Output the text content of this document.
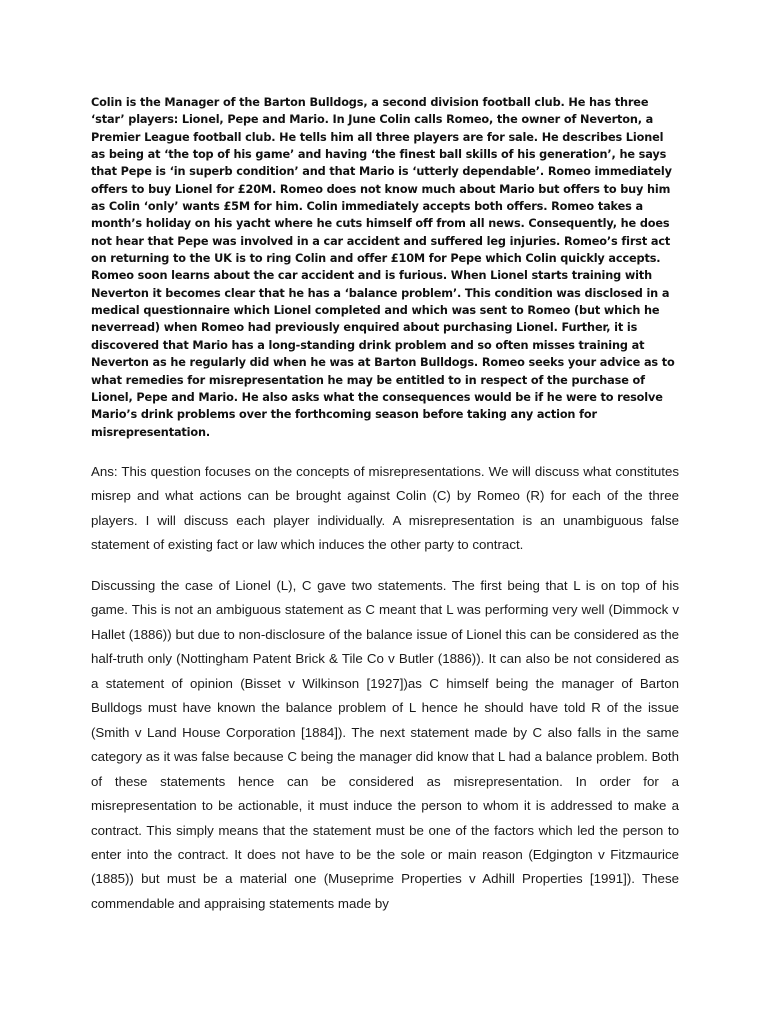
Colin is the Manager of the Barton Bulldogs, a second division football club. He has three ‘star’ players: Lionel, Pepe and Mario. In June Colin calls Romeo, the owner of Neverton, a Premier League football club. He tells him all three players are for sale. He describes Lionel as being at ‘the top of his game’ and having ‘the finest ball skills of his generation’, he says that Pepe is ‘in superb condition’ and that Mario is ‘utterly dependable’. Romeo immediately offers to buy Lionel for £20M. Romeo does not know much about Mario but offers to buy him as Colin ‘only’ wants £5M for him. Colin immediately accepts both offers. Romeo takes a month’s holiday on his yacht where he cuts himself off from all news. Consequently, he does not hear that Pepe was involved in a car accident and suffered leg injuries. Romeo’s first act on returning to the UK is to ring Colin and offer £10M for Pepe which Colin quickly accepts. Romeo soon learns about the car accident and is furious. When Lionel starts training with Neverton it becomes clear that he has a ‘balance problem’. This condition was disclosed in a medical questionnaire which Lionel completed and which was sent to Romeo (but which he neverread) when Romeo had previously enquired about purchasing Lionel. Further, it is discovered that Mario has a long-standing drink problem and so often misses training at Neverton as he regularly did when he was at Barton Bulldogs. Romeo seeks your advice as to what remedies for misrepresentation he may be entitled to in respect of the purchase of Lionel, Pepe and Mario. He also asks what the consequences would be if he were to resolve Mario’s drink problems over the forthcoming season before taking any action for misrepresentation.

Ans: This question focuses on the concepts of misrepresentations. We will discuss what constitutes misrep and what actions can be brought against Colin (C) by Romeo (R) for each of the three players. I will discuss each player individually. A misrepresentation is an unambiguous false statement of existing fact or law which induces the other party to contract.

Discussing the case of Lionel (L), C gave two statements. The first being that L is on top of his game. This is not an ambiguous statement as C meant that L was performing very well (Dimmock v Hallet (1886)) but due to non-disclosure of the balance issue of Lionel this can be considered as the half-truth only (Nottingham Patent Brick & Tile Co v Butler (1886)). It can also be not considered as a statement of opinion (Bisset v Wilkinson [1927])as C himself being the manager of Barton Bulldogs must have known the balance problem of L hence he should have told R of the issue (Smith v Land House Corporation [1884]). The next statement made by C also falls in the same category as it was false because C being the manager did know that L had a balance problem. Both of these statements hence can be considered as misrepresentation. In order for a misrepresentation to be actionable, it must induce the person to whom it is addressed to make a contract. This simply means that the statement must be one of the factors which led the person to enter into the contract. It does not have to be the sole or main reason (Edgington v Fitzmaurice (1885)) but must be a material one (Museprime Properties v Adhill Properties [1991]). These commendable and appraising statements made by
